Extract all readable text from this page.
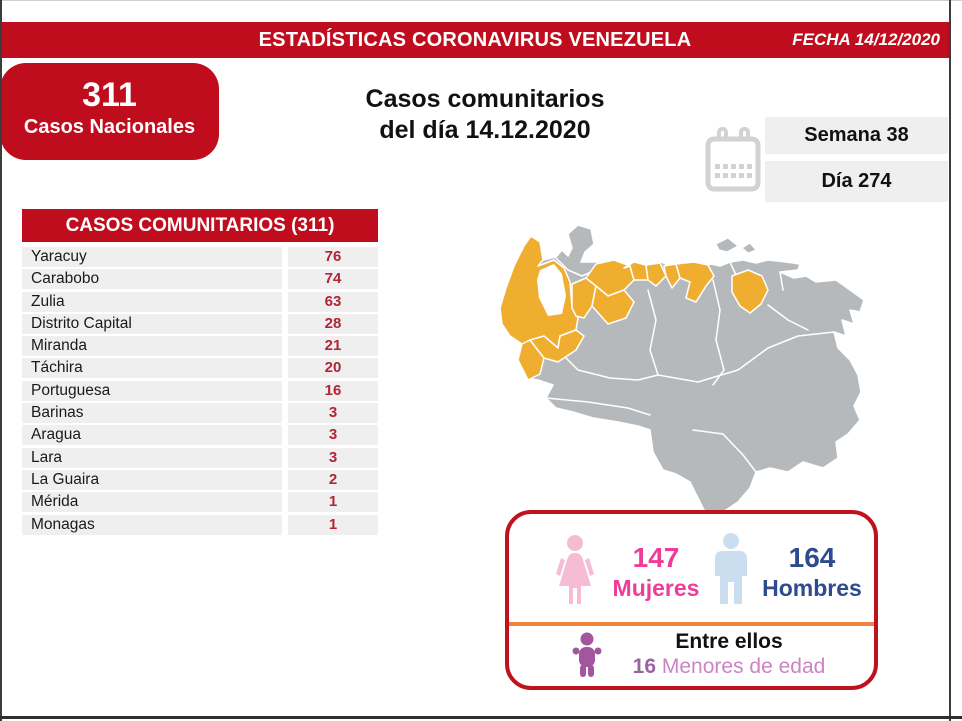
ESTADÍSTICAS CORONAVIRUS VENEZUELA	FECHA 14/12/2020
311
Casos Nacionales
Casos comunitarios
del día 14.12.2020	Semana 38
Día 274
CASOS COMUNITARIOS (311)
Yaracuy	76
Carabobo	74
Zulia	63
Distrito Capital	28
Miranda	21
Táchira	20
Portuguesa	16
Barinas	3
Aragua	3
Lara	3
La Guaira	2
Mérida	1
Monagas	1
147
Mujeres
164
Hombres
Entre ellos
16 Menores de edad
